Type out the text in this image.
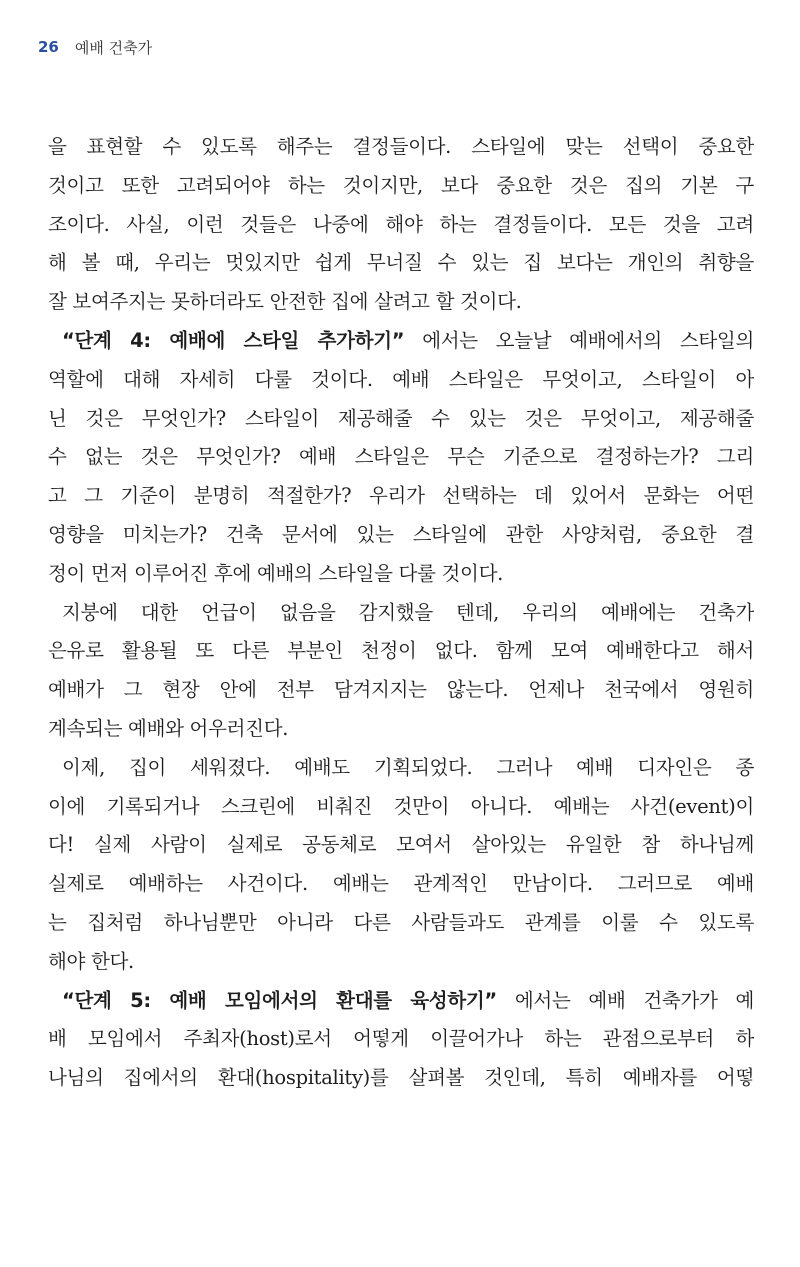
26 예배 건축가
을 표현할 수 있도록 해주는 결정들이다. 스타일에 맞는 선택이 중요한
것이고 또한 고려되어야 하는 것이지만, 보다 중요한 것은 집의 기본 구
조이다. 사실, 이런 것들은 나중에 해야 하는 결정들이다. 모든 것을 고려
해 볼 때, 우리는 멋있지만 쉽게 무너질 수 있는 집 보다는 개인의 취향을
잘 보여주지는 못하더라도 안전한 집에 살려고 할 것이다.
“단계 4: 예배에 스타일 추가하기” 에서는 오늘날 예배에서의 스타일의
역할에 대해 자세히 다룰 것이다. 예배 스타일은 무엇이고, 스타일이 아
닌 것은 무엇인가? 스타일이 제공해줄 수 있는 것은 무엇이고, 제공해줄
수 없는 것은 무엇인가? 예배 스타일은 무슨 기준으로 결정하는가? 그리
고 그 기준이 분명히 적절한가? 우리가 선택하는 데 있어서 문화는 어떤
영향을 미치는가? 건축 문서에 있는 스타일에 관한 사양처럼, 중요한 결
정이 먼저 이루어진 후에 예배의 스타일을 다룰 것이다.
지붕에 대한 언급이 없음을 감지했을 텐데, 우리의 예배에는 건축가
은유로 활용될 또 다른 부분인 천정이 없다. 함께 모여 예배한다고 해서
예배가 그 현장 안에 전부 담겨지지는 않는다. 언제나 천국에서 영원히
계속되는 예배와 어우러진다.
이제, 집이 세워졌다. 예배도 기획되었다. 그러나 예배 디자인은 종
이에 기록되거나 스크린에 비춰진 것만이 아니다. 예배는 사건(event)이
다! 실제 사람이 실제로 공동체로 모여서 살아있는 유일한 참 하나님께
실제로 예배하는 사건이다. 예배는 관계적인 만남이다. 그러므로 예배
는 집처럼 하나님뿐만 아니라 다른 사람들과도 관계를 이룰 수 있도록
해야 한다.
“단계 5: 예배 모임에서의 환대를 육성하기” 에서는 예배 건축가가 예
배 모임에서 주최자(host)로서 어떻게 이끌어가나 하는 관점으로부터 하
나님의 집에서의 환대(hospitality)를 살펴볼 것인데, 특히 예배자를 어떻
